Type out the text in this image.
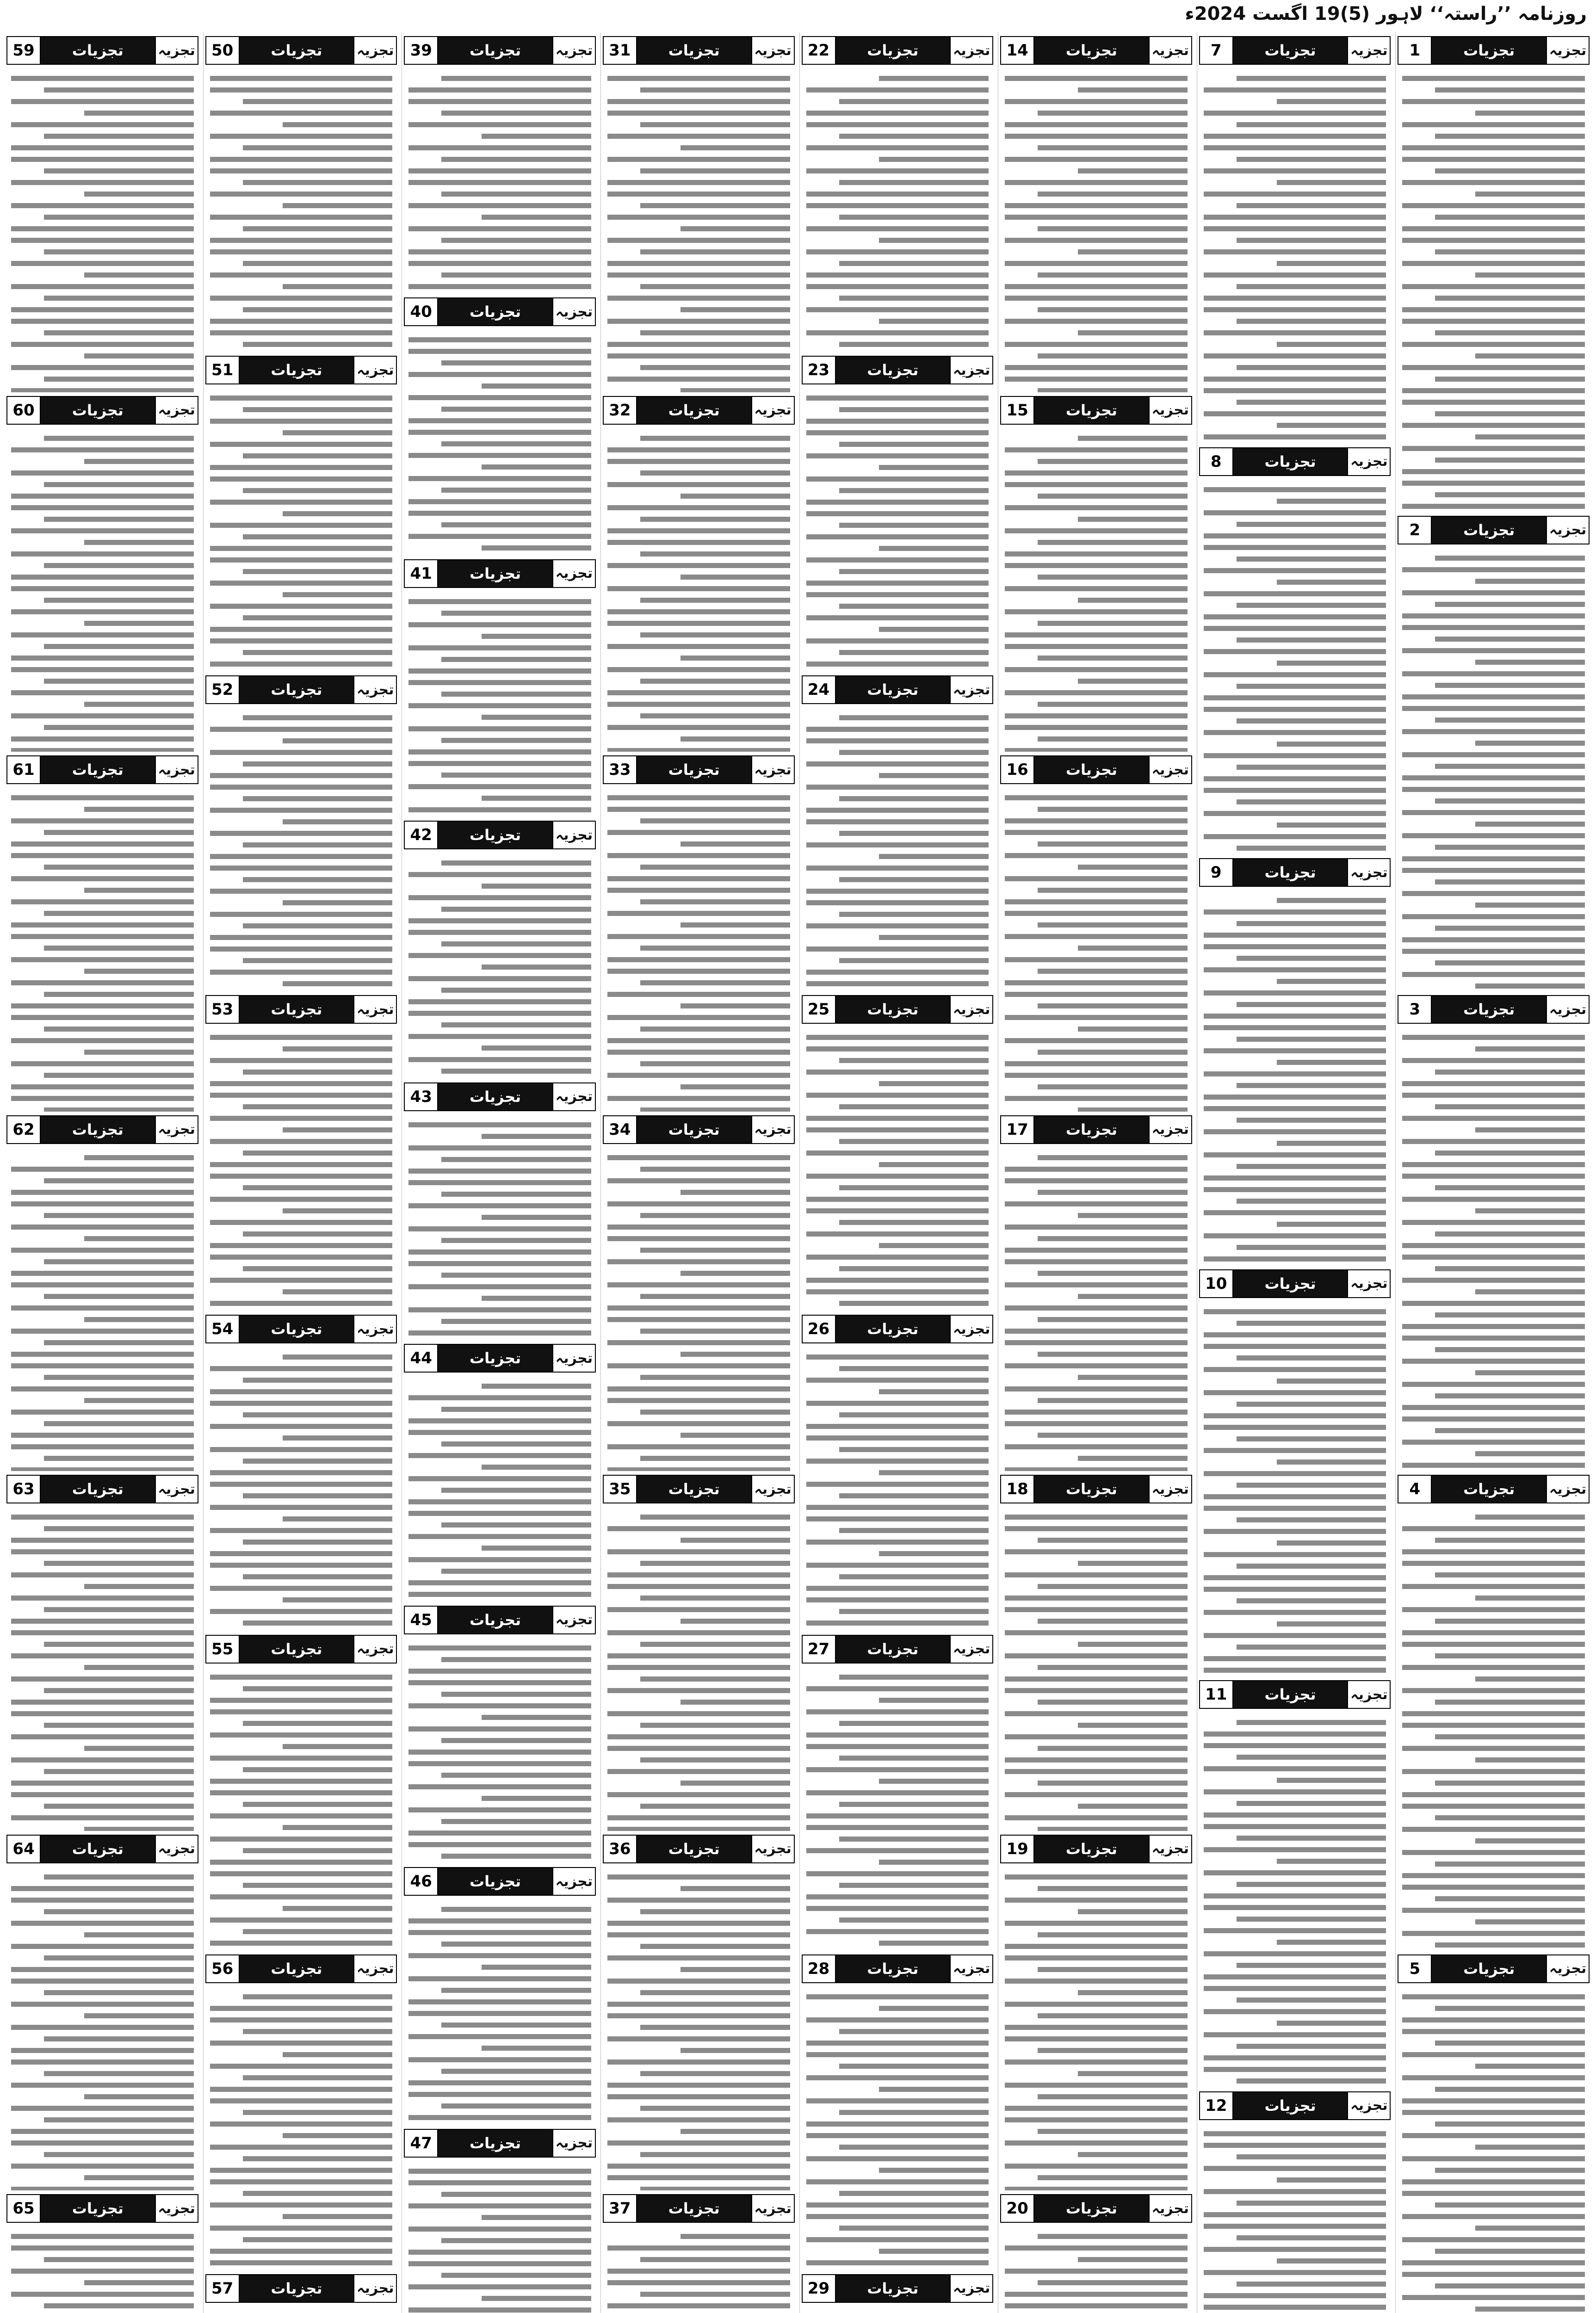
روزنامہ ’’راستہ‘‘ لاہور (5)19 اگست 2024ء
1	تجزیات	تجزیہ
2	تجزیات	تجزیہ
3	تجزیات	تجزیہ
4	تجزیات	تجزیہ
5	تجزیات	تجزیہ
7	تجزیات	تجزیہ
8	تجزیات	تجزیہ
9	تجزیات	تجزیہ
10	تجزیات	تجزیہ
11	تجزیات	تجزیہ
12	تجزیات	تجزیہ
14	تجزیات	تجزیہ
15	تجزیات	تجزیہ
16	تجزیات	تجزیہ
17	تجزیات	تجزیہ
18	تجزیات	تجزیہ
19	تجزیات	تجزیہ
20	تجزیات	تجزیہ
22	تجزیات	تجزیہ
23	تجزیات	تجزیہ
24	تجزیات	تجزیہ
25	تجزیات	تجزیہ
26	تجزیات	تجزیہ
27	تجزیات	تجزیہ
28	تجزیات	تجزیہ
29	تجزیات	تجزیہ
31	تجزیات	تجزیہ
32	تجزیات	تجزیہ
33	تجزیات	تجزیہ
34	تجزیات	تجزیہ
35	تجزیات	تجزیہ
36	تجزیات	تجزیہ
37	تجزیات	تجزیہ
39	تجزیات	تجزیہ
40	تجزیات	تجزیہ
41	تجزیات	تجزیہ
42	تجزیات	تجزیہ
43	تجزیات	تجزیہ
44	تجزیات	تجزیہ
45	تجزیات	تجزیہ
46	تجزیات	تجزیہ
47	تجزیات	تجزیہ
50	تجزیات	تجزیہ
51	تجزیات	تجزیہ
52	تجزیات	تجزیہ
53	تجزیات	تجزیہ
54	تجزیات	تجزیہ
55	تجزیات	تجزیہ
56	تجزیات	تجزیہ
57	تجزیات	تجزیہ
59	تجزیات	تجزیہ
60	تجزیات	تجزیہ
61	تجزیات	تجزیہ
62	تجزیات	تجزیہ
63	تجزیات	تجزیہ
64	تجزیات	تجزیہ
65	تجزیات	تجزیہ
